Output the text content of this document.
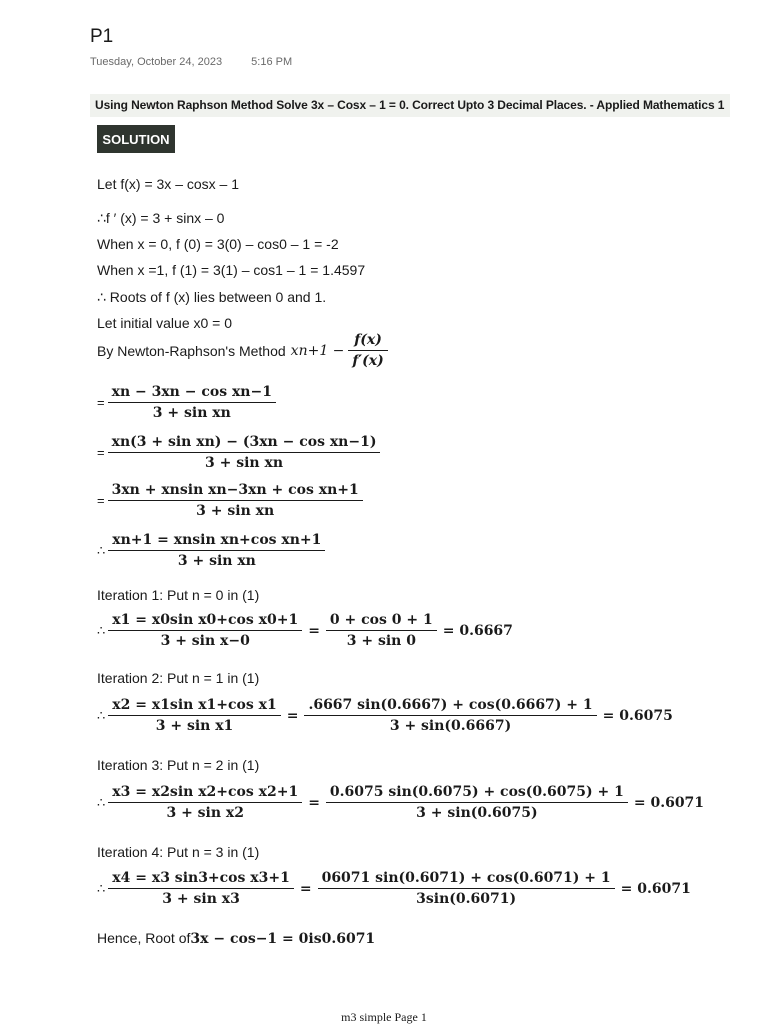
P1
Tuesday, October 24, 2023	5:16 PM
Using Newton Raphson Method Solve 3x – Cosx – 1 = 0. Correct Upto 3 Decimal Places. - Applied Mathematics 1
SOLUTION
Let f(x) = 3x – cosx – 1
∴f ′ (x) = 3 + sinx – 0
When x = 0, f (0) = 3(0) – cos0 – 1 = -2
When x =1, f (1) = 3(1) – cos1 – 1 = 1.4597
∴ Roots of f (x) lies between 0 and 1.
Let initial value x0 = 0
By Newton-Raphson's Method $xn+1 - \frac{f(x)}{f'(x)}$
= $\frac{\text{xn − 3xn − cos xn−1}}{\text{3 + sin xn}}$
= $\frac{\text{xn(3 + sin xn) − (3xn − cos xn−1)}}{\text{3 + sin xn}}$
= $\frac{\text{3xn + xnsin xn−3xn + cos xn+1}}{\text{3 + sin xn}}$
∴ $\frac{\text{xn+1 = xnsin xn+cos xn+1}}{\text{3 + sin xn}}$
Iteration 1: Put n = 0 in (1)
∴ $\frac{\text{x1 = x0sin x0+cos x0+1}}{\text{3 + sin x−0}} = \frac{0 + \cos 0 + 1}{3 + \sin 0} = 0.6667$
Iteration 2: Put n = 1 in (1)
∴ $\frac{\text{x2 = x1sin x1+cos x1}}{\text{3 + sin x1}} = \frac{.6667 \sin(0.6667) + \cos(0.6667) + 1}{3 + \sin(0.6667)} = 0.6075$
Iteration 3: Put n = 2 in (1)
∴ $\frac{\text{x3 = x2sin x2+cos x2+1}}{\text{3 + sin x2}} = \frac{0.6075 \sin(0.6075) + \cos(0.6075) + 1}{3 + \sin(0.6075)} = 0.6071$
Iteration 4: Put n = 3 in (1)
∴ $\frac{\text{x4 = x3 sin3+cos x3+1}}{\text{3 + sin x3}} = \frac{06071 \sin(0.6071) + \cos(0.6071) + 1}{3\sin(0.6071)} = 0.6071$
Hence, Root of3x − cos−1 = 0is0.6071
m3 simple Page 1
